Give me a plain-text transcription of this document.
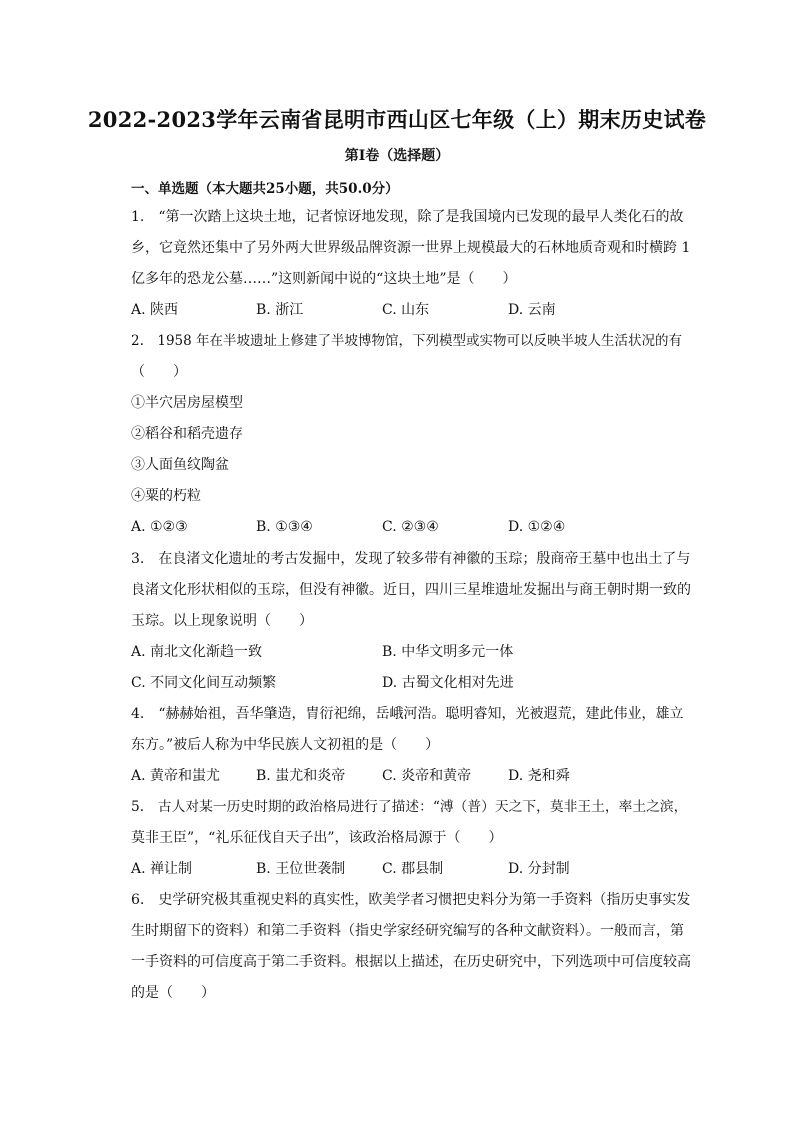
2022-2023学年云南省昆明市西山区七年级（上）期末历史试卷
第I卷（选择题）
一、单选题（本大题共25小题，共50.0分）
1.　“第一次踏上这块土地，记者惊讶地发现，除了是我国境内已发现的最早人类化石的故
乡，它竟然还集中了另外两大世界级品牌资源一世界上规模最大的石林地质奇观和时横跨 1
亿多年的恐龙公墓……”这则新闻中说的“这块土地”是（　　）
A. 陕西	B. 浙江	C. 山东	D. 云南
2.　1958 年在半坡遗址上修建了半坡博物馆，下列模型或实物可以反映半坡人生活状况的有
（　　）
①半穴居房屋模型
②稻谷和稻壳遗存
③人面鱼纹陶盆
④粟的朽粒
A. ①②③	B. ①③④	C. ②③④	D. ①②④
3.　在良渚文化遗址的考古发掘中，发现了较多带有神徽的玉琮；殷商帝王墓中也出土了与
良渚文化形状相似的玉琮，但没有神徽。近日，四川三星堆遗址发掘出与商王朝时期一致的
玉琮。以上现象说明（　　）
A. 南北文化渐趋一致	B. 中华文明多元一体
C. 不同文化间互动频繁	D. 古蜀文化相对先进
4.　“赫赫始祖，吾华肇造，胄衍祀绵，岳峨河浩。聪明睿知，光被遐荒，建此伟业，雄立
东方。”被后人称为中华民族人文初祖的是（　　）
A. 黄帝和蚩尤	B. 蚩尤和炎帝	C. 炎帝和黄帝	D. 尧和舜
5.　古人对某一历史时期的政治格局进行了描述：“溥（普）天之下，莫非王土，率土之滨，
莫非王臣”，“礼乐征伐自天子出”，该政治格局源于（　　）
A. 禅让制	B. 王位世袭制	C. 郡县制	D. 分封制
6.　史学研究极其重视史料的真实性，欧美学者习惯把史料分为第一手资料（指历史事实发
生时期留下的资料）和第二手资料（指史学家经研究编写的各种文献资料）。一般而言，第
一手资料的可信度高于第二手资料。根据以上描述，在历史研究中，下列选项中可信度较高
的是（　　）
